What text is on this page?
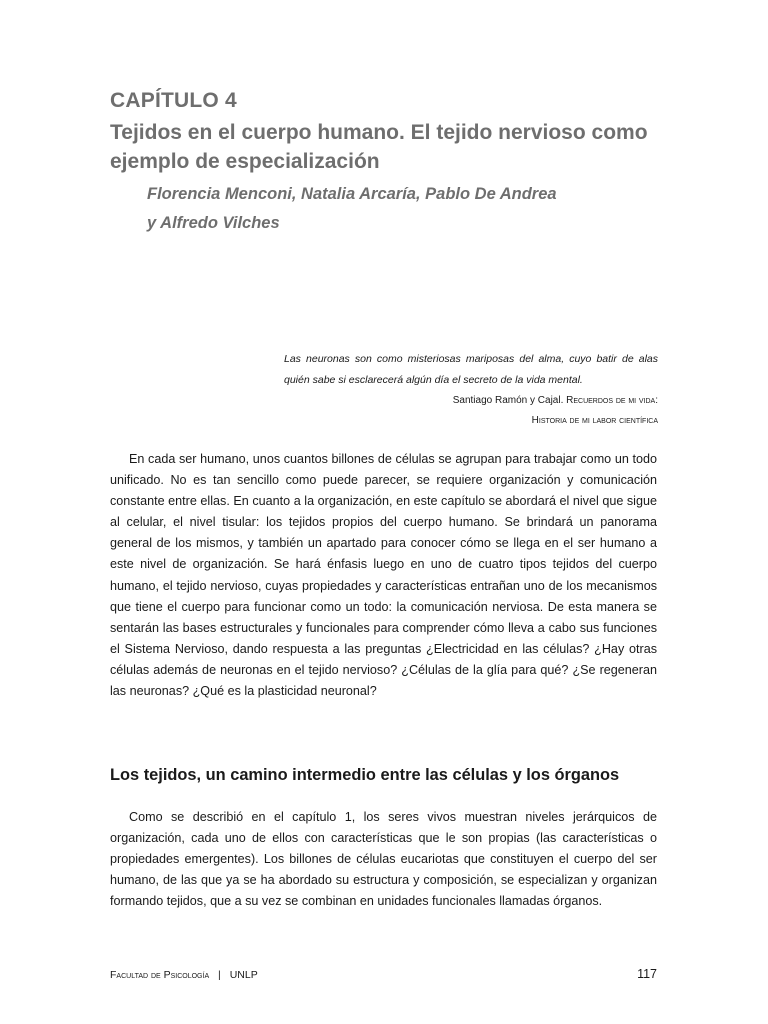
CAPÍTULO 4
Tejidos en el cuerpo humano. El tejido nervioso como ejemplo de especialización
Florencia Menconi, Natalia Arcaría, Pablo De Andrea
y Alfredo Vilches
Las neuronas son como misteriosas mariposas del alma, cuyo batir de alas quién sabe si esclarecerá algún día el secreto de la vida mental.
Santiago Ramón y Cajal. Recuerdos de mi vida:
Historia de mi labor científica

En cada ser humano, unos cuantos billones de células se agrupan para trabajar como un todo unificado. No es tan sencillo como puede parecer, se requiere organización y comunicación constante entre ellas. En cuanto a la organización, en este capítulo se abordará el nivel que sigue al celular, el nivel tisular: los tejidos propios del cuerpo humano. Se brindará un panorama general de los mismos, y también un apartado para conocer cómo se llega en el ser humano a este nivel de organización. Se hará énfasis luego en uno de cuatro tipos tejidos del cuerpo humano, el tejido nervioso, cuyas propiedades y características entrañan uno de los mecanismos que tiene el cuerpo para funcionar como un todo: la comunicación nerviosa. De esta manera se sentarán las bases estructurales y funcionales para comprender cómo lleva a cabo sus funciones el Sistema Nervioso, dando respuesta a las preguntas ¿Electricidad en las células? ¿Hay otras células además de neuronas en el tejido nervioso? ¿Células de la glía para qué? ¿Se regeneran las neuronas? ¿Qué es la plasticidad neuronal?

Los tejidos, un camino intermedio entre las células y los órganos

Como se describió en el capítulo 1, los seres vivos muestran niveles jerárquicos de organización, cada uno de ellos con características que le son propias (las características o propiedades emergentes). Los billones de células eucariotas que constituyen el cuerpo del ser humano, de las que ya se ha abordado su estructura y composición, se especializan y organizan formando tejidos, que a su vez se combinan en unidades funcionales llamadas órganos.

Facultad de Psicología | UNLP	117
